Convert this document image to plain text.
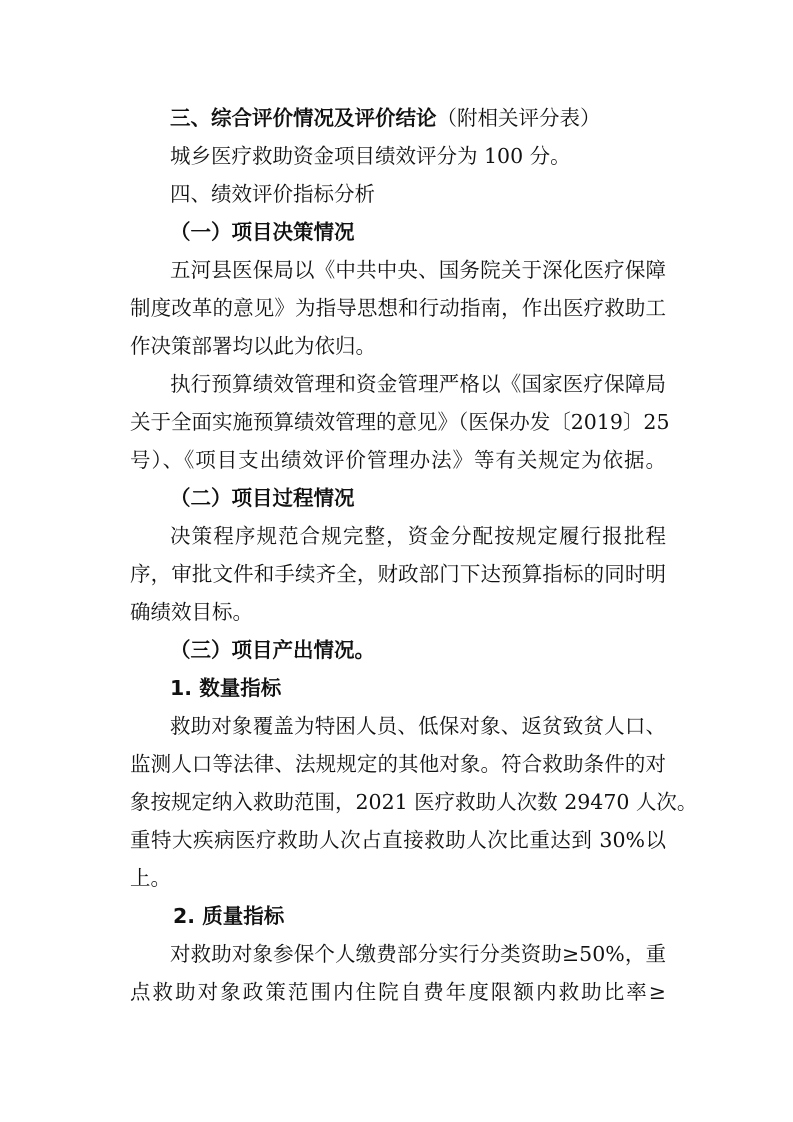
三、综合评价情况及评价结论（附相关评分表）
城乡医疗救助资金项目绩效评分为 100 分。
四、绩效评价指标分析
（一）项目决策情况
五河县医保局以《中共中央、国务院关于深化医疗保障
制度改革的意见》为指导思想和行动指南，作出医疗救助工
作决策部署均以此为依归。
执行预算绩效管理和资金管理严格以《国家医疗保障局
关于全面实施预算绩效管理的意见》（医保办发〔2019〕25
号）、《项目支出绩效评价管理办法》等有关规定为依据。
（二）项目过程情况
决策程序规范合规完整，资金分配按规定履行报批程
序，审批文件和手续齐全，财政部门下达预算指标的同时明
确绩效目标。
（三）项目产出情况。
1. 数量指标
救助对象覆盖为特困人员、低保对象、返贫致贫人口、
监测人口等法律、法规规定的其他对象。符合救助条件的对
象按规定纳入救助范围，2021 医疗救助人次数 29470 人次。
重特大疾病医疗救助人次占直接救助人次比重达到 30%以
上。
2. 质量指标
对救助对象参保个人缴费部分实行分类资助≥50%，重
点救助对象政策范围内住院自费年度限额内救助比率≥
